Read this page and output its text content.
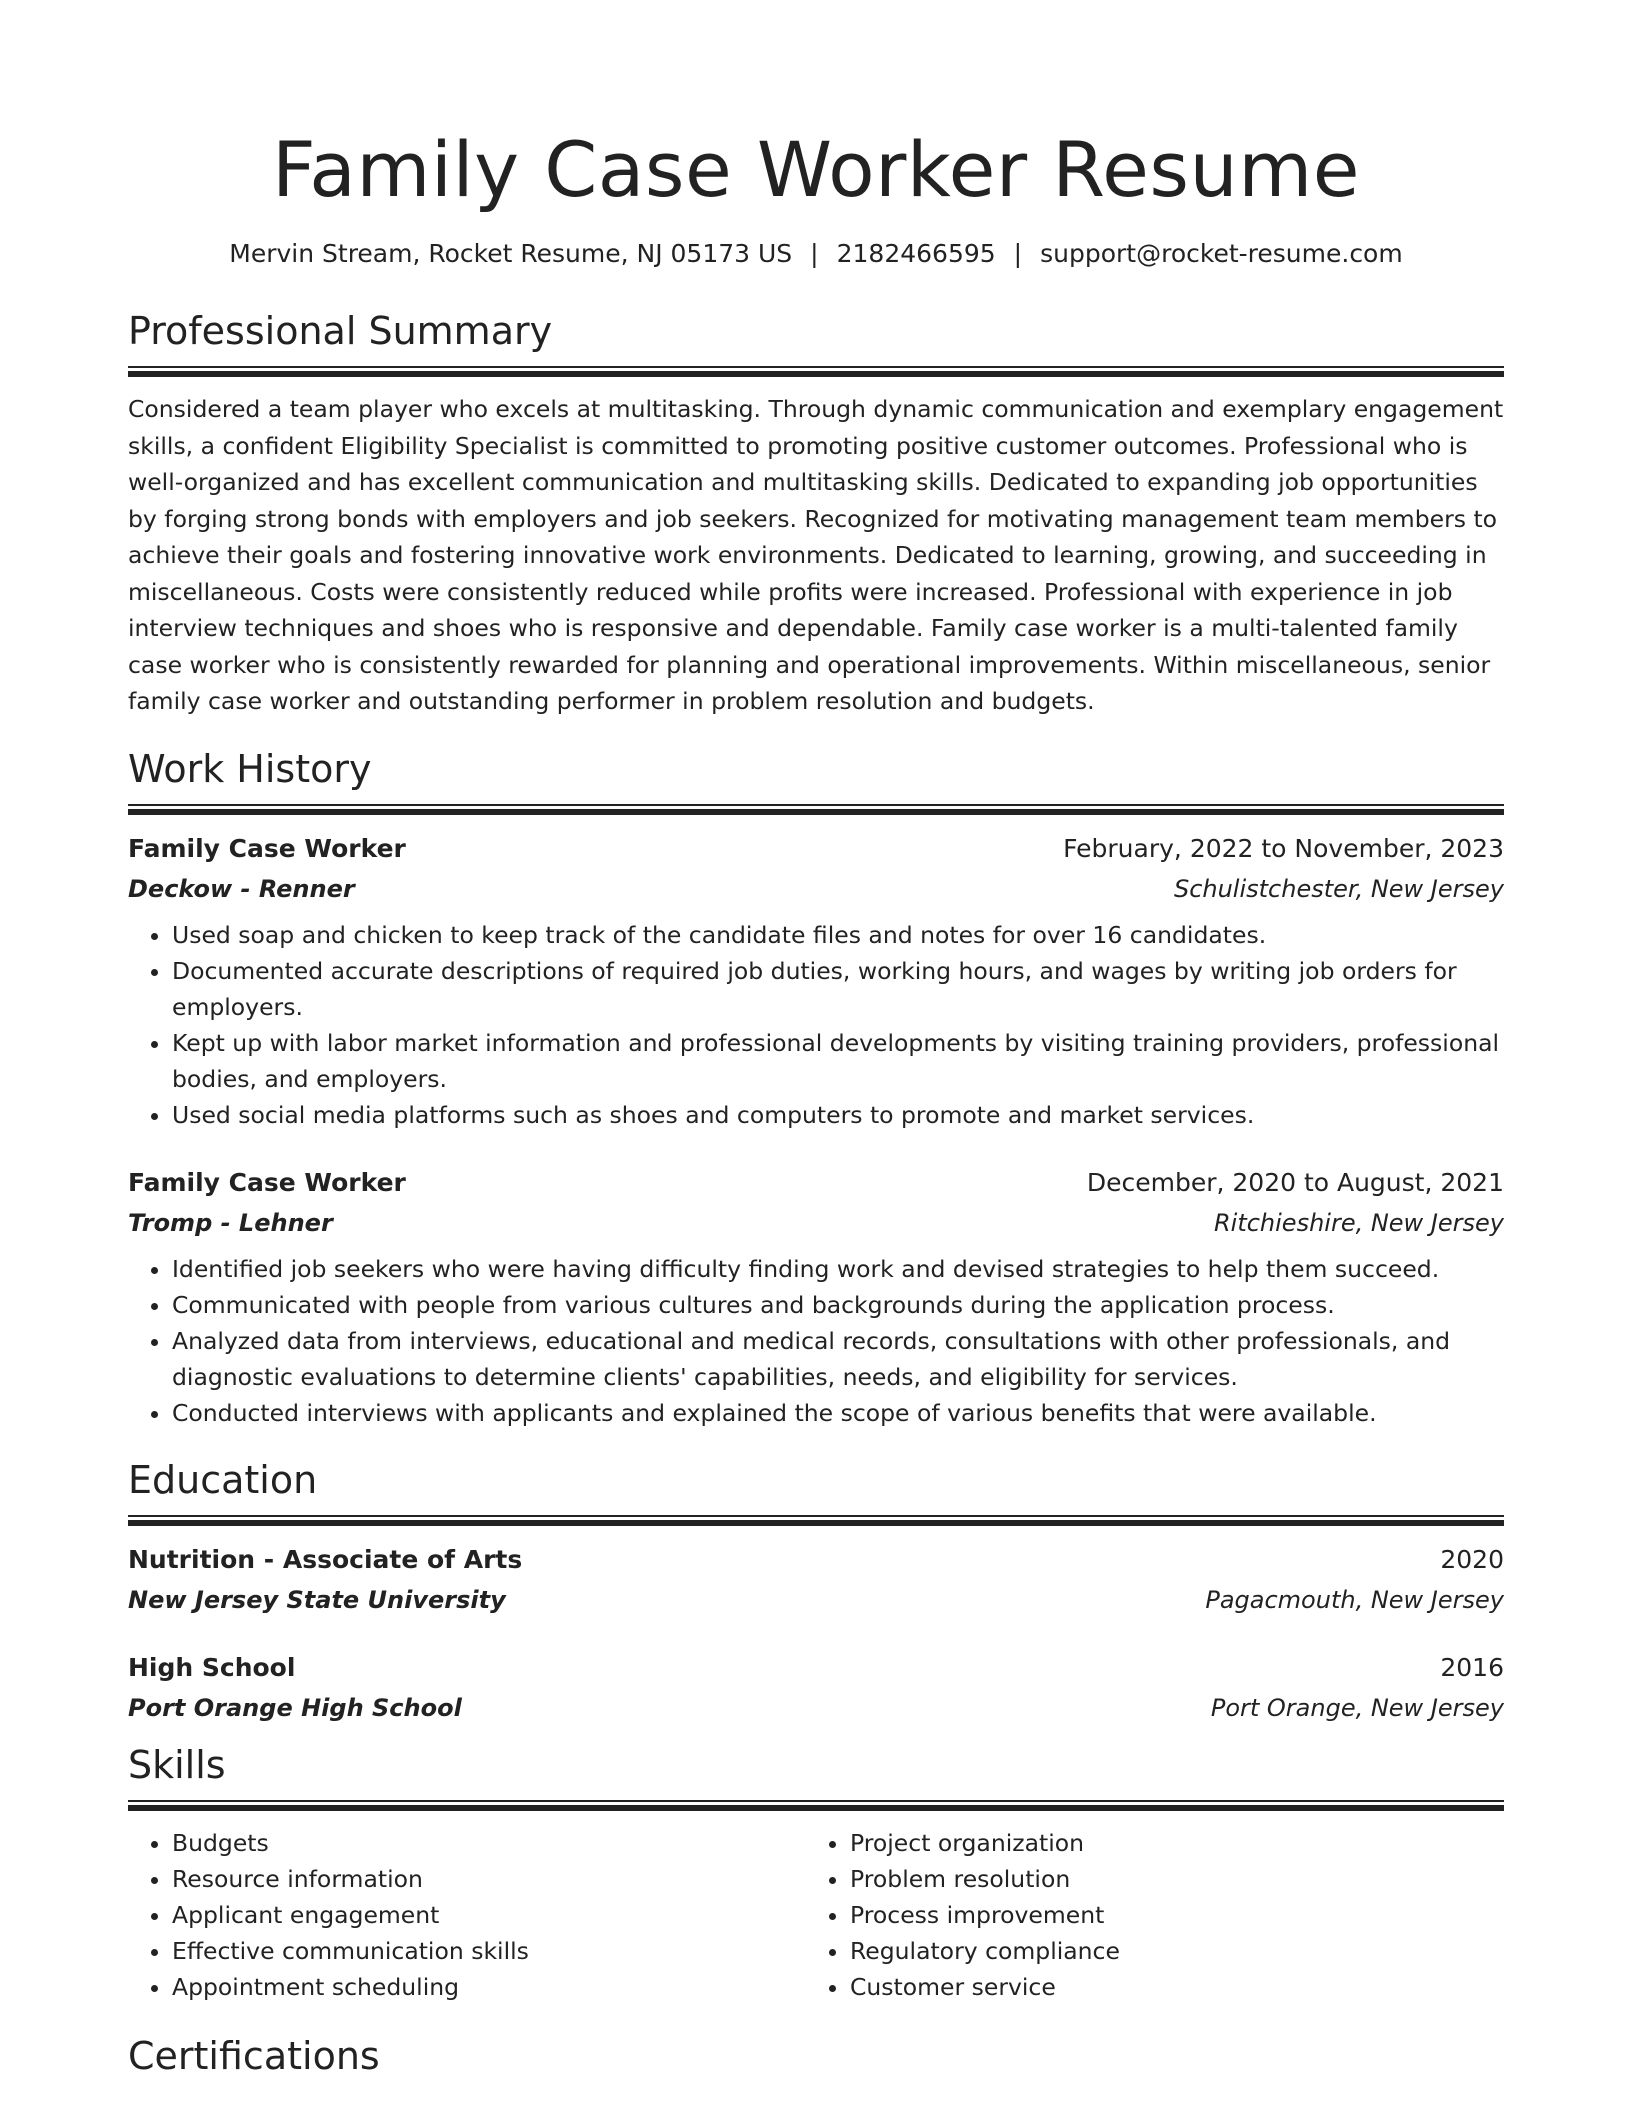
Family Case Worker Resume
Mervin Stream, Rocket Resume, NJ 05173 US | 2182466595 | support@rocket-resume.com
Professional Summary

Considered a team player who excels at multitasking. Through dynamic communication and exemplary engagement skills, a confident Eligibility Specialist is committed to promoting positive customer outcomes. Professional who is well-organized and has excellent communication and multitasking skills. Dedicated to expanding job opportunities by forging strong bonds with employers and job seekers. Recognized for motivating management team members to achieve their goals and fostering innovative work environments. Dedicated to learning, growing, and succeeding in miscellaneous. Costs were consistently reduced while profits were increased. Professional with experience in job interview techniques and shoes who is responsive and dependable. Family case worker is a multi-talented family case worker who is consistently rewarded for planning and operational improvements. Within miscellaneous, senior family case worker and outstanding performer in problem resolution and budgets.

Work History
Family Case Worker	February, 2022 to November, 2023
Deckow - Renner	Schulistchester, New Jersey
• Used soap and chicken to keep track of the candidate files and notes for over 16 candidates.
• Documented accurate descriptions of required job duties, working hours, and wages by writing job orders for employers.
• Kept up with labor market information and professional developments by visiting training providers, professional bodies, and employers.
• Used social media platforms such as shoes and computers to promote and market services.
Family Case Worker	December, 2020 to August, 2021
Tromp - Lehner	Ritchieshire, New Jersey
• Identified job seekers who were having difficulty finding work and devised strategies to help them succeed.
• Communicated with people from various cultures and backgrounds during the application process.
• Analyzed data from interviews, educational and medical records, consultations with other professionals, and diagnostic evaluations to determine clients' capabilities, needs, and eligibility for services.
• Conducted interviews with applicants and explained the scope of various benefits that were available.
Education
Nutrition - Associate of Arts	2020
New Jersey State University	Pagacmouth, New Jersey
High School	2016
Port Orange High School	Port Orange, New Jersey
Skills
• Budgets
• Resource information
• Applicant engagement
• Effective communication skills
• Appointment scheduling
• Project organization
• Problem resolution
• Process improvement
• Regulatory compliance
• Customer service
Certifications
